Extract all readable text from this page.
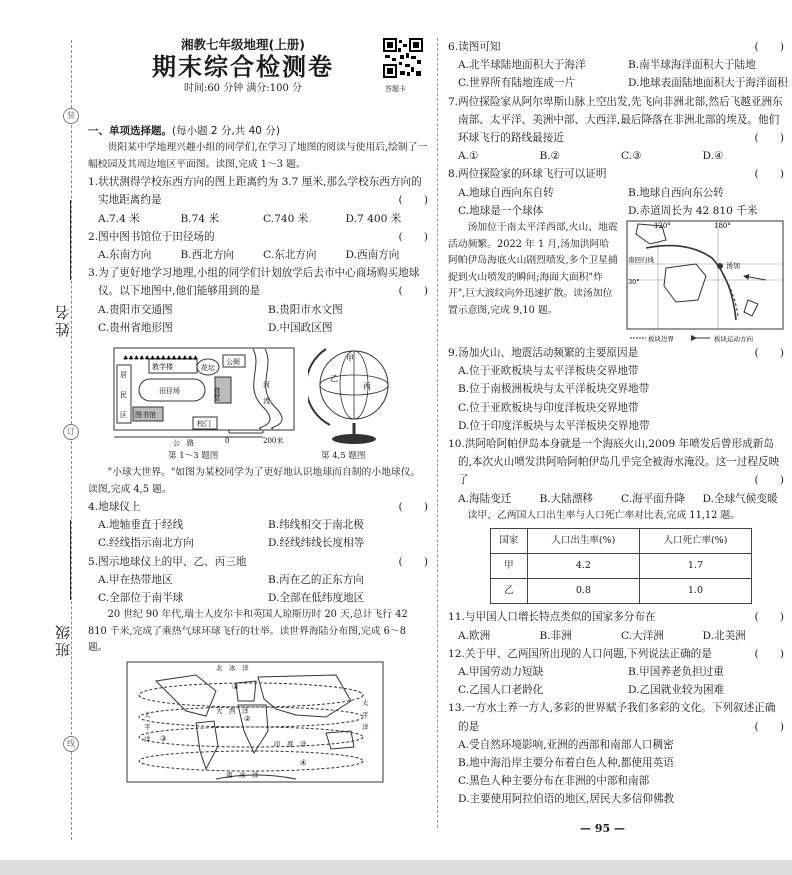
装
订
线
姓名
班级
湘教七年级地理(上册)
期末综合检测卷
时间:60 分钟 满分:100 分	答题卡

一、单项选择题。(每小题 2 分,共 40 分)

贵阳某中学地理兴趣小组的同学们,在学习了地图的阅读与使用后,绘制了一幅校园及其周边地区平面图。读图,完成 1～3 题。

1.状状测得学校东西方向的图上距离约为 3.7 厘米,那么学校东西方向的实地距离约是	(　　)

A.7.4 米	B.74 米	C.740 米	D.7 400 米

2.图中图书馆位于田径场的	(　　)

A.东南方向	B.西北方向	C.东北方向	D.西南方向

3.为了更好地学习地理,小组的同学们计划放学后去市中心商场购买地球仪。以下地图中,他们能够用到的是	(　　)

A.贵阳市交通图	B.贵阳市水文图
C.贵州省地形图	D.中国政区图
♣♣♣♣♣♣♣♣♣♣♣♣♣♣
教学楼	花坛
公厕
居
民
区
田径场	食堂
图书馆
校门
公　路
河
流
0	200米
第 1～3 题图
甲
乙
丙
第 4,5 题图

"小球大世界。"如图为某校同学为了更好地认识地球而自制的小地球仪。读图,完成 4,5 题。

4.地球仪上	(　　)

A.地轴垂直于经线	B.纬线相交于南北极
C.经线指示南北方向	D.经线纬线长度相等

5.图示地球仪上的甲、乙、丙三地	(　　)

A.甲在热带地区	B.丙在乙的正东方向
C.全部位于南半球	D.全部在低纬度地区

20 世纪 90 年代,瑞士人皮尔卡和英国人琼斯历时 20 天,总计飞行 42 810 千米,完成了乘热气球环球飞行的壮举。读世界海陆分布图,完成 6～8 题。

北　冰　洋
大　西　洋
太
平
洋
印　度　洋
太
平
洋
南　冰　洋
①
②
③
④

6.读图可知	(　　)

A.北半球陆地面积大于海洋	B.南半球海洋面积大于陆地
C.世界所有陆地连成一片	D.地球表面陆地面积大于海洋面积

7.两位探险家从阿尔卑斯山脉上空出发,先飞向非洲北部,然后飞越亚洲东南部、太平洋、美洲中部、大西洋,最后降落在非洲北部的埃及。他们环球飞行的路线最接近	(　　)

A.①	B.②	C.③	D.④

8.两位探险家的环球飞行可以证明	(　　)

A.地球自西向东自转	B.地球自西向东公转
C.地球是一个球体	D.赤道周长为 42 810 千米

汤加位于南太平洋西部,火山、地震活动频繁。2022 年 1 月,汤加洪阿哈阿帕伊岛海底火山剧烈喷发,多个卫星捕捉到火山喷发的瞬间;海面大面积"炸开",巨大波纹向外迅速扩散。读汤加位置示意图,完成 9,10 题。

120°	180°
南回归线
汤加
30°
板块边界	板块运动方向

9.汤加火山、地震活动频繁的主要原因是	(　　)

A.位于亚欧板块与太平洋板块交界地带

B.位于南极洲板块与太平洋板块交界地带

C.位于亚欧板块与印度洋板块交界地带

D.位于印度洋板块与太平洋板块交界地带

10.洪阿哈阿帕伊岛本身就是一个海底火山,2009 年喷发后曾形成新岛的,本次火山喷发洪阿哈阿帕伊岛几乎完全被海水淹没。这一过程反映了	(　　)

A.海陆变迁	B.大陆漂移	C.海平面升降	D.全球气候变暖

读甲、乙两国人口出生率与人口死亡率对比表,完成 11,12 题。

国家	人口出生率(%)	人口死亡率(%)
甲	4.2	1.7
乙	0.8	1.0

11.与甲国人口增长特点类似的国家多分布在	(　　)

A.欧洲	B.非洲	C.大洋洲	D.北美洲

12.关于甲、乙两国所出现的人口问题,下列说法正确的是	(　　)

A.甲国劳动力短缺	B.甲国养老负担过重
C.乙国人口老龄化	D.乙国就业较为困难

13.一方水土养一方人,多彩的世界赋予我们多彩的文化。下列叙述正确的是	(　　)

A.受自然环境影响,亚洲的西部和南部人口稠密

B.地中海沿岸主要分布着白色人种,都使用英语

C.黑色人种主要分布在非洲的中部和南部

D.主要使用阿拉伯语的地区,居民大多信仰佛教

— 95 —
